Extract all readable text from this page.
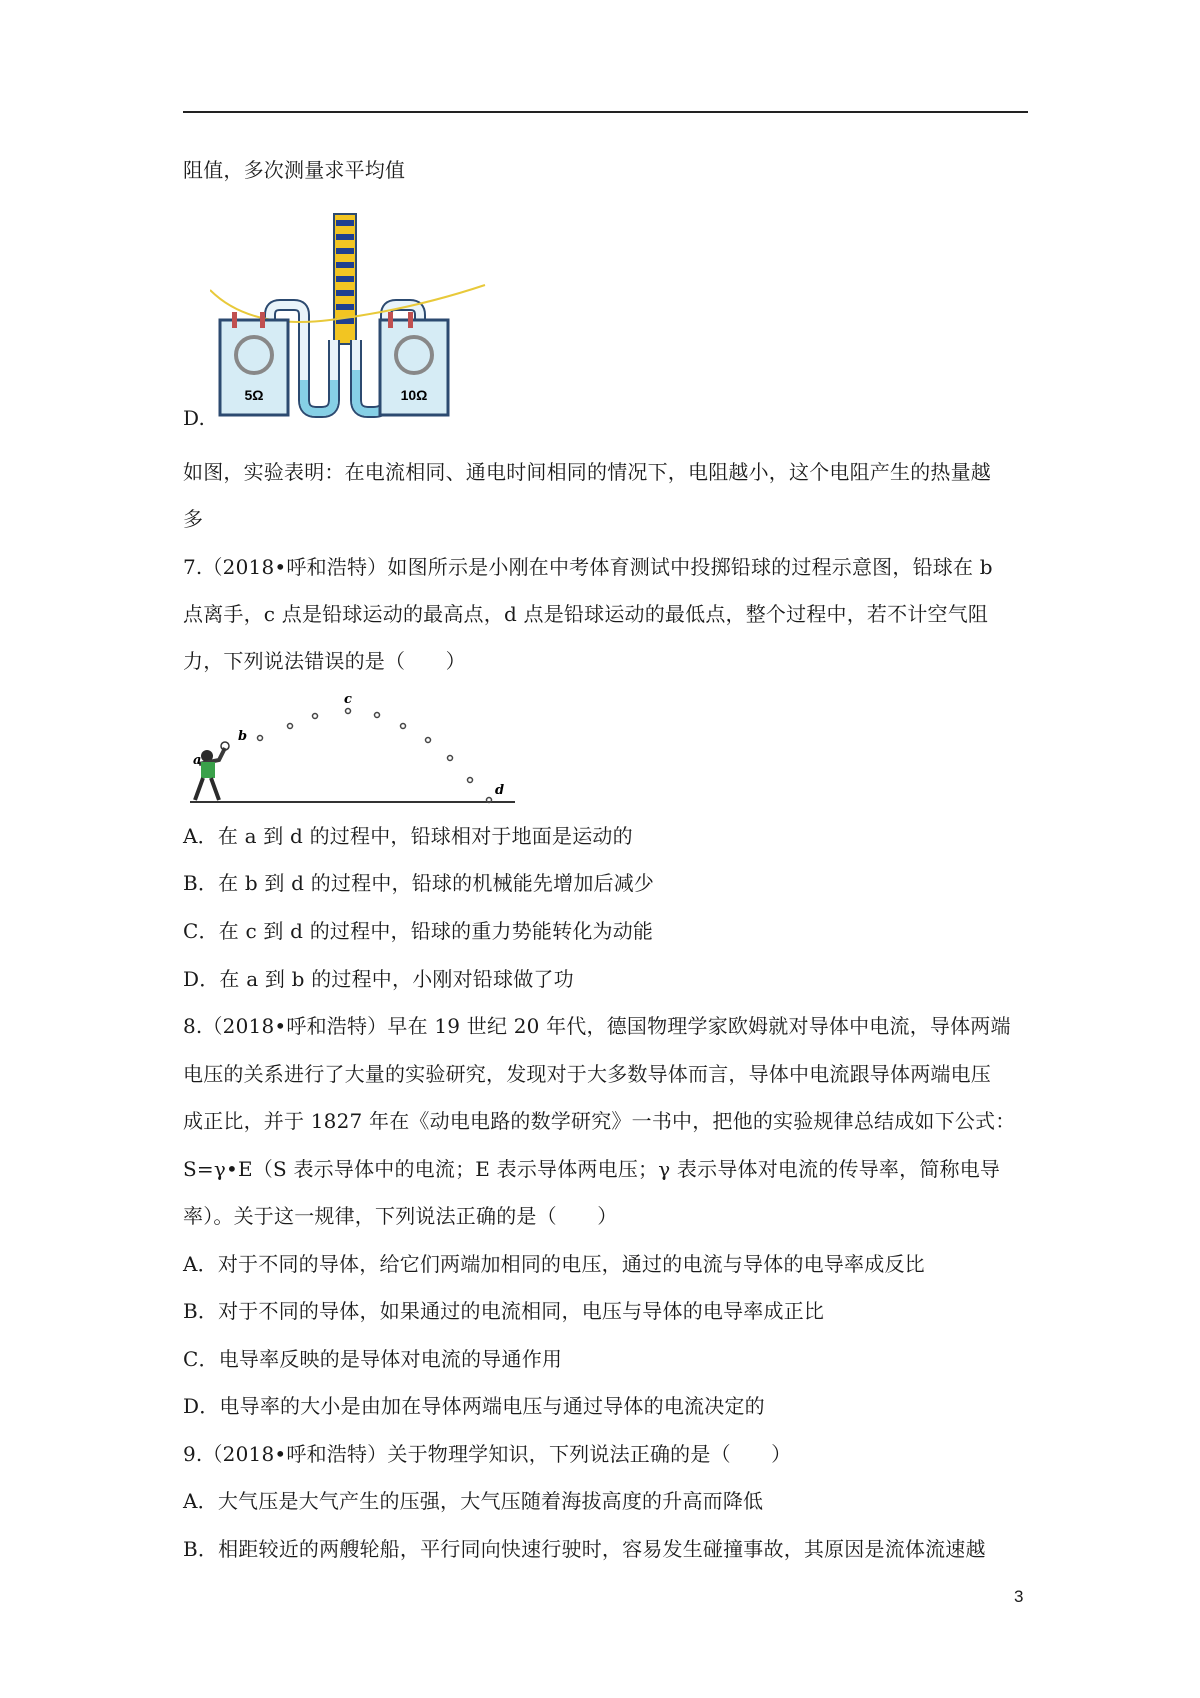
阻值，多次测量求平均值
5Ω	10Ω
D.
如图，实验表明：在电流相同、通电时间相同的情况下，电阻越小，这个电阻产生的热量越
多
7.（2018•呼和浩特）如图所示是小刚在中考体育测试中投掷铅球的过程示意图，铅球在 b
点离手，c 点是铅球运动的最高点，d 点是铅球运动的最低点，整个过程中，若不计空气阻
力，下列说法错误的是（　　）
a
b
c
d
A．在 a 到 d 的过程中，铅球相对于地面是运动的
B．在 b 到 d 的过程中，铅球的机械能先增加后减少
C．在 c 到 d 的过程中，铅球的重力势能转化为动能
D．在 a 到 b 的过程中，小刚对铅球做了功
8.（2018•呼和浩特）早在 19 世纪 20 年代，德国物理学家欧姆就对导体中电流，导体两端
电压的关系进行了大量的实验研究，发现对于大多数导体而言，导体中电流跟导体两端电压
成正比，并于 1827 年在《动电电路的数学研究》一书中，把他的实验规律总结成如下公式：
S=γ•E（S 表示导体中的电流；E 表示导体两电压；γ 表示导体对电流的传导率，简称电导
率）。关于这一规律，下列说法正确的是（　　）
A．对于不同的导体，给它们两端加相同的电压，通过的电流与导体的电导率成反比
B．对于不同的导体，如果通过的电流相同，电压与导体的电导率成正比
C．电导率反映的是导体对电流的导通作用
D．电导率的大小是由加在导体两端电压与通过导体的电流决定的
9.（2018•呼和浩特）关于物理学知识，下列说法正确的是（　　）
A．大气压是大气产生的压强，大气压随着海拔高度的升高而降低
B．相距较近的两艘轮船，平行同向快速行驶时，容易发生碰撞事故，其原因是流体流速越
3
